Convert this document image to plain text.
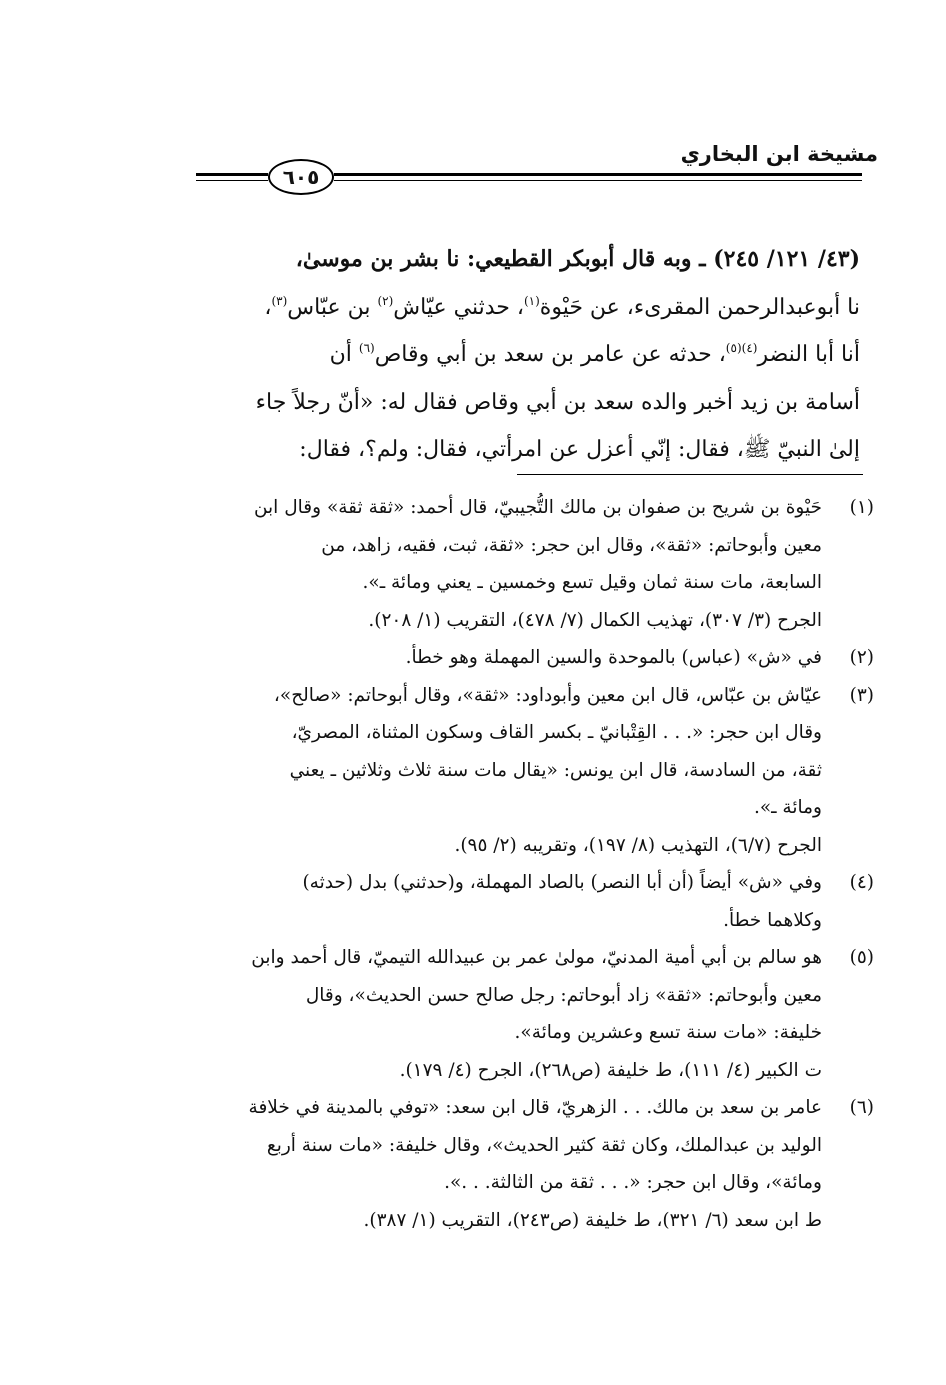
مشيخة ابن البخاري
٦٠٥

(٤٣/ ١٢١/ ٢٤٥) ـ وبه قال أبوبكر القطيعي: نا بشر بن موسىٰ،

نا أبوعبدالرحمن المقرىء، عن حَيْوة$^{(١)}$، حدثني عيّاش$^{(٢)}$ بن عبّاس$^{(٣)}$،

أنا أبا النضر$^{(٤)(٥)}$، حدثه عن عامر بن سعد بن أبي وقاص$^{(٦)}$ أن

أسامة بن زيد أخبر والده سعد بن أبي وقاص فقال له: «أنّ رجلاً جاء

إلىٰ النبيّ ﷺ، فقال: إنّي أعزل عن امرأتي، فقال: ولم؟، فقال:

(١)
حَيْوة بن شريح بن صفوان بن مالك التُّجيبيّ، قال أحمد: «ثقة ثقة» وقال ابن
معين وأبوحاتم: «ثقة»، وقال ابن حجر: «ثقة، ثبت، فقيه، زاهد، من
السابعة، مات سنة ثمان وقيل تسع وخمسين ـ يعني ومائة ـ».
الجرح (٣/ ٣٠٧)، تهذيب الكمال (٧/ ٤٧٨)، التقريب (١/ ٢٠٨).
(٢)
في «ش» (عباس) بالموحدة والسين المهملة وهو خطأ.
(٣)
عيّاش بن عبّاس، قال ابن معين وأبوداود: «ثقة»، وقال أبوحاتم: «صالح»،
وقال ابن حجر: «. . . القِتْبانيّ ـ بكسر القاف وسكون المثناة، المصريّ،
ثقة، من السادسة، قال ابن يونس: «يقال مات سنة ثلاث وثلاثين ـ يعني
ومائة ـ».
الجرح (٦/٧)، التهذيب (٨/ ١٩٧)، وتقريبه (٢/ ٩٥).
(٤)
وفي «ش» أيضاً (أن أبا النصر) بالصاد المهملة، و(حدثني) بدل (حدثه)
وكلاهما خطأ.
(٥)
هو سالم بن أبي أمية المدنيّ، مولىٰ عمر بن عبيدالله التيميّ، قال أحمد وابن
معين وأبوحاتم: «ثقة» زاد أبوحاتم: رجل صالح حسن الحديث»، وقال
خليفة: «مات سنة تسع وعشرين ومائة».
ت الكبير (٤/ ١١١)، ط خليفة (ص٢٦٨)، الجرح (٤/ ١٧٩).
(٦)
عامر بن سعد بن مالك. . . الزهريّ، قال ابن سعد: «توفي بالمدينة في خلافة
الوليد بن عبدالملك، وكان ثقة كثير الحديث»، وقال خليفة: «مات سنة أربع
ومائة»، وقال ابن حجر: «. . . ثقة من الثالثة. . .».
ط ابن سعد (٦/ ٣٢١)، ط خليفة (ص٢٤٣)، التقريب (١/ ٣٨٧).
